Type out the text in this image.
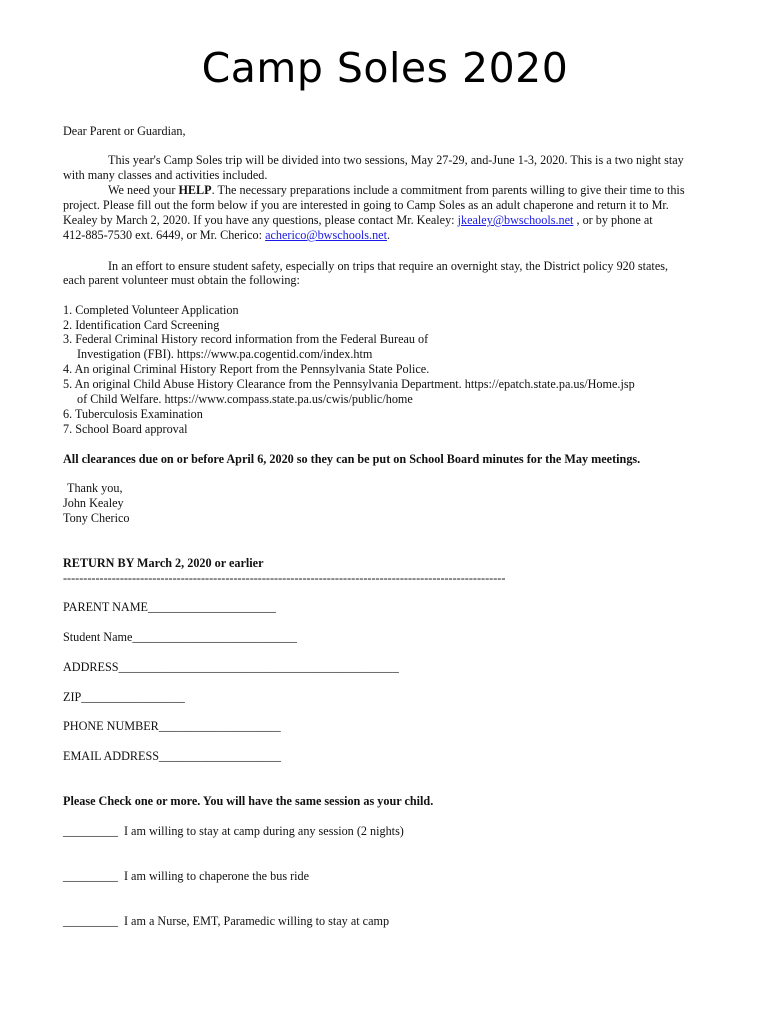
Camp Soles 2020
Dear Parent or Guardian,
This year's Camp Soles trip will be divided into two sessions, May 27-29, and-June 1-3, 2020. This is a two night stay
with many classes and activities included.
We need your HELP. The necessary preparations include a commitment from parents willing to give their time to this
project. Please fill out the form below if you are interested in going to Camp Soles as an adult chaperone and return it to Mr.
Kealey by March 2, 2020. If you have any questions, please contact Mr. Kealey: jkealey@bwschools.net , or by phone at
412-885-7530 ext. 6449, or Mr. Cherico: acherico@bwschools.net.
In an effort to ensure student safety, especially on trips that require an overnight stay, the District policy 920 states,
each parent volunteer must obtain the following:
1. Completed Volunteer Application
2. Identification Card Screening
3. Federal Criminal History record information from the Federal Bureau of
Investigation (FBI). https://www.pa.cogentid.com/index.htm
4. An original Criminal History Report from the Pennsylvania State Police.
5. An original Child Abuse History Clearance from the Pennsylvania Department. https://epatch.state.pa.us/Home.jsp
of Child Welfare. https://www.compass.state.pa.us/cwis/public/home
6. Tuberculosis Examination
7. School Board approval
All clearances due on or before April 6, 2020 so they can be put on School Board minutes for the May meetings.
Thank you,
John Kealey
Tony Cherico
RETURN BY March 2, 2020 or earlier
-------------------------------------------------------------------------------------------------------------
PARENT NAME_____________________
Student Name___________________________
ADDRESS______________________________________________
ZIP_________________
PHONE NUMBER____________________
EMAIL ADDRESS____________________
Please Check one or more. You will have the same session as your child.
_________ I am willing to stay at camp during any session (2 nights)
_________ I am willing to chaperone the bus ride
_________ I am a Nurse, EMT, Paramedic willing to stay at camp
